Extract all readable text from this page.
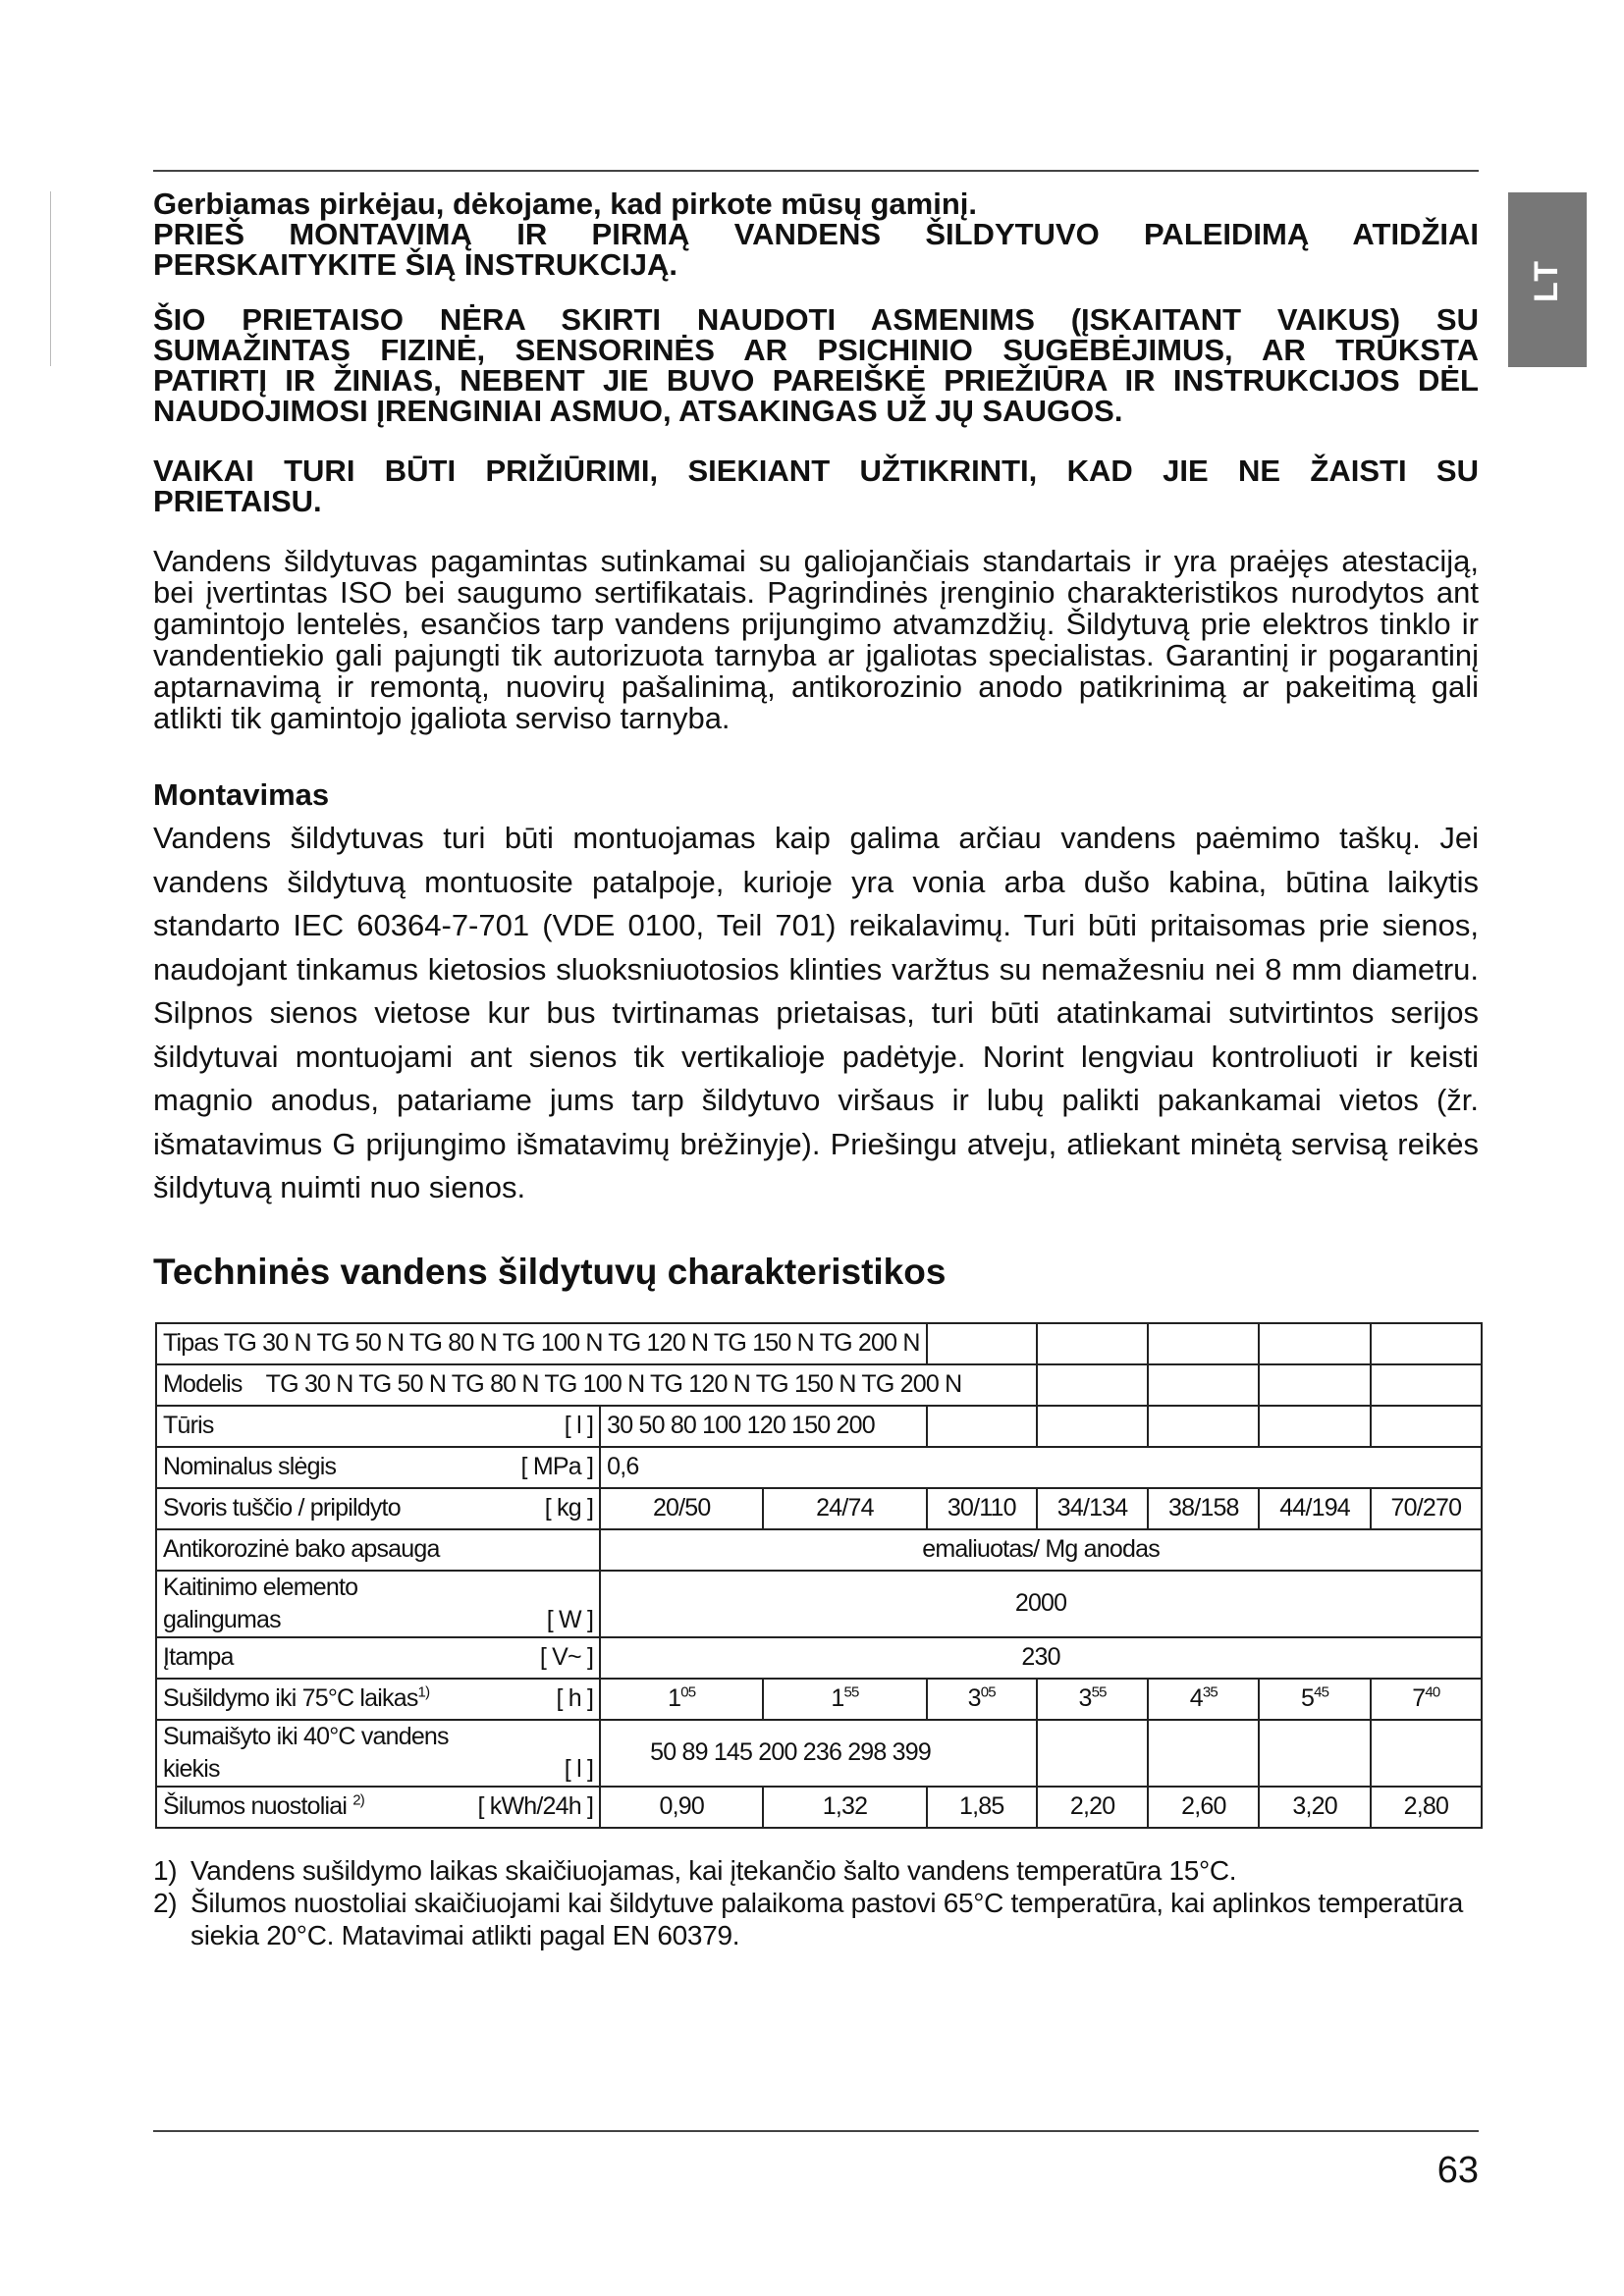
LT

Gerbiamas pirkėjau, dėkojame, kad pirkote mūsų gaminį.
PRIEŠ MONTAVIMĄ IR PIRMĄ VANDENS ŠILDYTUVO PALEIDIMĄ ATIDŽIAI
PERSKAITYKITE ŠIĄ INSTRUKCIJĄ.

ŠIO PRIETAISO NĖRA SKIRTI NAUDOTI ASMENIMS (ĮSKAITANT VAIKUS) SU
SUMAŽINTAS FIZINĖ, SENSORINĖS AR PSICHINIO SUGEBĖJIMUS, AR TRŪKSTA
PATIRTĮ IR ŽINIAS, NEBENT JIE BUVO PAREIŠKĖ PRIEŽIŪRA IR INSTRUKCIJOS DĖL
NAUDOJIMOSI ĮRENGINIAI ASMUO, ATSAKINGAS UŽ JŲ SAUGOS.

VAIKAI TURI BŪTI PRIŽIŪRIMI, SIEKIANT UŽTIKRINTI, KAD JIE NE ŽAISTI SU
PRIETAISU.

Vandens šildytuvas pagamintas sutinkamai su galiojančiais standartais ir yra praėjęs atestaciją, bei įvertintas ISO bei saugumo sertifikatais. Pagrindinės įrenginio charakteristikos nurodytos ant gamintojo lentelės, esančios tarp vandens prijungimo atvamzdžių. Šildytuvą prie elektros tinklo ir vandentiekio gali pajungti tik autorizuota tarnyba ar įgaliotas specialistas. Garantinį ir pogarantinį aptarnavimą ir remontą, nuovirų pašalinimą, antikorozinio anodo patikrinimą ar pakeitimą gali atlikti tik gamintojo įgaliota serviso tarnyba.

Montavimas

Vandens šildytuvas turi būti montuojamas kaip galima arčiau vandens paėmimo taškų. Jei vandens šildytuvą montuosite patalpoje, kurioje yra vonia arba dušo kabina, būtina laikytis standarto IEC 60364-7-701 (VDE 0100, Teil 701) reikalavimų. Turi būti pritaisomas prie sienos, naudojant tinkamus kietosios sluoksniuotosios klinties varžtus su nemažesniu nei 8 mm diametru. Silpnos sienos vietose kur bus tvirtinamas prietaisas, turi būti atatinkamai sutvirtintos serijos šildytuvai montuojami ant sienos tik vertikalioje padėtyje. Norint lengviau kontroliuoti ir keisti magnio anodus, patariame jums tarp šildytuvo viršaus ir lubų palikti pakankamai vietos (žr. išmatavimus G prijungimo išmatavimų brėžinyje). Priešingu atveju, atliekant minėtą servisą reikės šildytuvą nuimti nuo sienos.

Techninės vandens šildytuvų charakteristikos
Tipas TG 30 N TG 50 N TG 80 N TG 100 N TG 120 N TG 150 N TG 200 N							
Modelis    TG 30 N TG 50 N TG 80 N TG 100 N TG 120 N TG 150 N TG 200 N							

Tūris [ l ]	30 50 80 100 120 150 200						

Nominalus slėgis [ MPa ]	0,6						

Svoris tuščio / pripildyto [ kg ]	20/50	24/74	30/110	34/134	38/158	44/194	70/270
Antikorozinė bako apsauga	emaliuotas/ Mg anodas						

Kaitinimo elemento
galingumas [ W ]	2000						

Įtampa [ V~ ]	230						

Sušildymo iki 75°C laikas$^{1)}$ [ h ]	$1^{05}$	$1^{55}$	$3^{05}$	$3^{55}$	$4^{35}$	$5^{45}$	$7^{40}$

Sumaišyto iki 40°C vandens
kiekis [ l ]	50 89 145 200 236 298 399						

Šilumos nuostoliai $^{2)}$ [ kWh/24h ]	0,90	1,32	1,85	2,20	2,60	3,20	2,80
1) Vandens sušildymo laikas skaičiuojamas, kai įtekančio šalto vandens temperatūra 15°C.
2) Šilumos nuostoliai skaičiuojami kai šildytuve palaikoma pastovi 65°C temperatūra, kai aplinkos temperatūra siekia 20°C. Matavimai atlikti pagal EN 60379.
63
